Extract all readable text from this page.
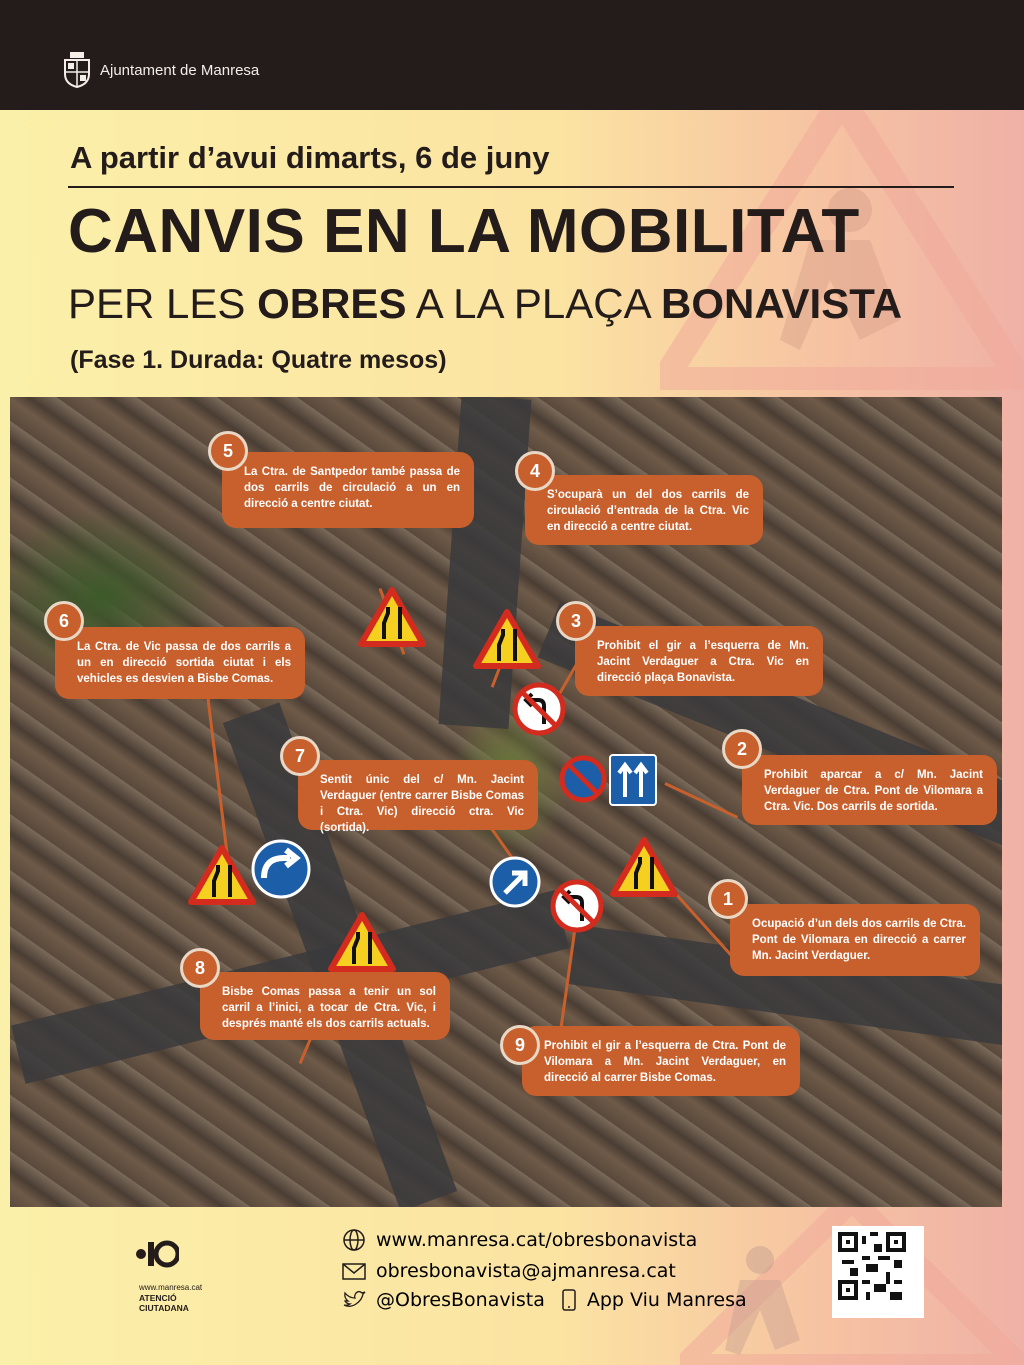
Ajuntament de Manresa
A partir d’avui dimarts, 6 de juny
CANVIS EN LA MOBILITAT
PER LES OBRES A LA PLAÇA BONAVISTA
(Fase 1. Durada: Quatre mesos)
La Ctra. de Santpedor també passa de dos carrils de circulació a un en direcció a centre ciutat.
5
S’ocuparà un del dos carrils de circulació d’entrada de la Ctra. Vic en direcció a centre ciutat.
4
La Ctra. de Vic passa de dos carrils a un en direcció sortida ciutat i els vehicles es desvien a Bisbe Comas.
6
Prohibit el gir a l’esquerra de Mn. Jacint Verdaguer a Ctra. Vic en direcció plaça Bonavista.
3
Sentit únic del c/ Mn. Jacint Verdaguer (entre carrer Bisbe Comas i Ctra. Vic) direcció ctra. Vic (sortida).
7
Prohibit aparcar a c/ Mn. Jacint Verdaguer de Ctra. Pont de Vilomara a Ctra. Vic. Dos carrils de sortida.
2
Ocupació d’un dels dos carrils de Ctra. Pont de Vilomara en direcció a carrer Mn. Jacint Verdaguer.
1
Bisbe Comas passa a tenir un sol carril a l’inici, a tocar de Ctra. Vic, i després manté els dos carrils actuals.
8
Prohibit el gir a l’esquerra de Ctra. Pont de Vilomara a Mn. Jacint Verdaguer, en direcció al carrer Bisbe Comas.
9
www.manresa.cat
ATENCIÓ
CIUTADANA
www.manresa.cat/obresbonavista
obresbonavista@ajmanresa.cat
@ObresBonavista App Viu Manresa
